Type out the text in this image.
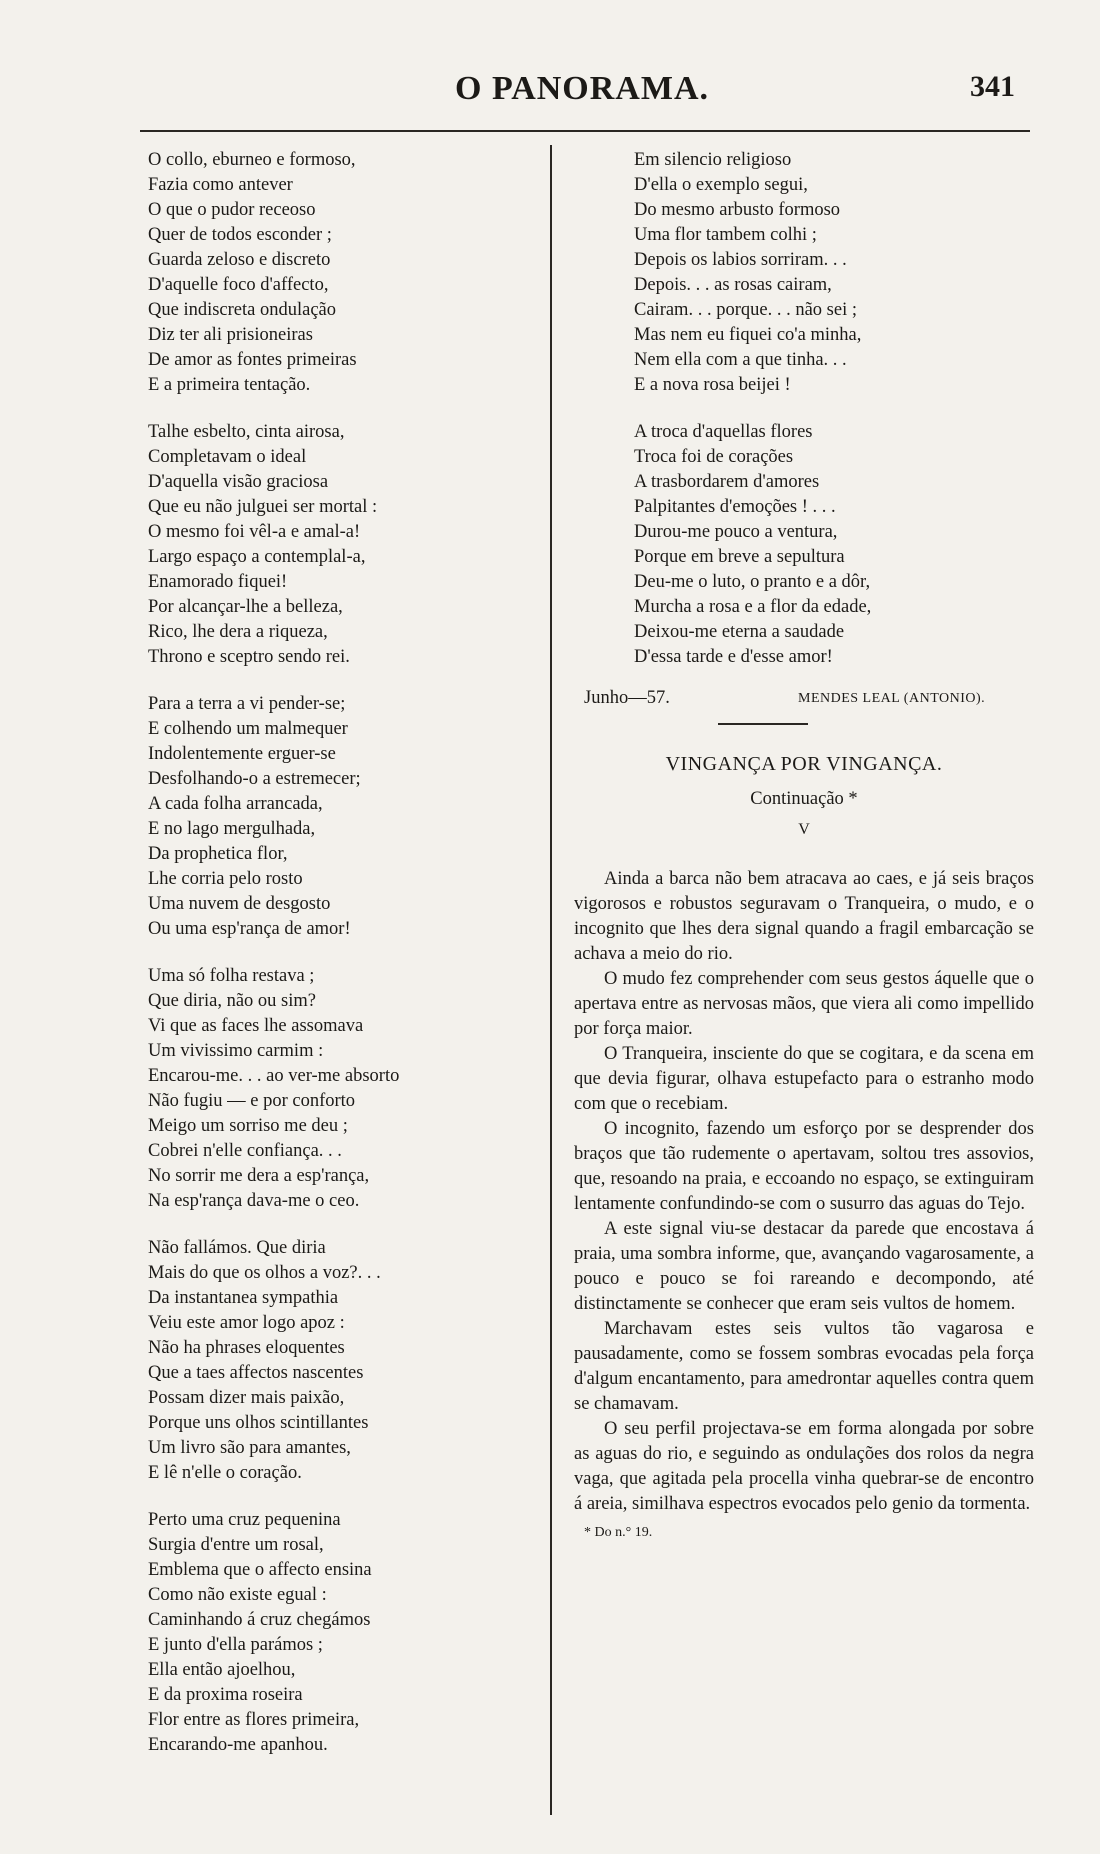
O PANORAMA.	341
O collo, eburneo e formoso,
Fazia como antever
O que o pudor receoso
Quer de todos esconder ;
Guarda zeloso e discreto
D'aquelle foco d'affecto,
Que indiscreta ondulação
Diz ter ali prisioneiras
De amor as fontes primeiras
E a primeira tentação.
Talhe esbelto, cinta airosa,
Completavam o ideal
D'aquella visão graciosa
Que eu não julguei ser mortal :
O mesmo foi vêl-a e amal-a!
Largo espaço a contemplal-a,
Enamorado fiquei!
Por alcançar-lhe a belleza,
Rico, lhe dera a riqueza,
Throno e sceptro sendo rei.
Para a terra a vi pender-se;
E colhendo um malmequer
Indolentemente erguer-se
Desfolhando-o a estremecer;
A cada folha arrancada,
E no lago mergulhada,
Da prophetica flor,
Lhe corria pelo rosto
Uma nuvem de desgosto
Ou uma esp'rança de amor!
Uma só folha restava ;
Que diria, não ou sim?
Vi que as faces lhe assomava
Um vivissimo carmim :
Encarou-me. . . ao ver-me absorto
Não fugiu — e por conforto
Meigo um sorriso me deu ;
Cobrei n'elle confiança. . .
No sorrir me dera a esp'rança,
Na esp'rança dava-me o ceo.
Não fallámos. Que diria
Mais do que os olhos a voz?. . .
Da instantanea sympathia
Veiu este amor logo apoz :
Não ha phrases eloquentes
Que a taes affectos nascentes
Possam dizer mais paixão,
Porque uns olhos scintillantes
Um livro são para amantes,
E lê n'elle o coração.
Perto uma cruz pequenina
Surgia d'entre um rosal,
Emblema que o affecto ensina
Como não existe egual :
Caminhando á cruz chegámos
E junto d'ella parámos ;
Ella então ajoelhou,
E da proxima roseira
Flor entre as flores primeira,
Encarando-me apanhou.
Em silencio religioso
D'ella o exemplo segui,
Do mesmo arbusto formoso
Uma flor tambem colhi ;
Depois os labios sorriram. . .
Depois. . . as rosas cairam,
Cairam. . . porque. . . não sei ;
Mas nem eu fiquei co'a minha,
Nem ella com a que tinha. . .
E a nova rosa beijei !
A troca d'aquellas flores
Troca foi de corações
A trasbordarem d'amores
Palpitantes d'emoções ! . . .
Durou-me pouco a ventura,
Porque em breve a sepultura
Deu-me o luto, o pranto e a dôr,
Murcha a rosa e a flor da edade,
Deixou-me eterna a saudade
D'essa tarde e d'esse amor!
Junho—57.	MENDES LEAL (ANTONIO).
VINGANÇA POR VINGANÇA.
Continuação *
V

Ainda a barca não bem atracava ao caes, e já seis braços vigorosos e robustos seguravam o Tranqueira, o mudo, e o incognito que lhes dera signal quando a fragil embarcação se achava a meio do rio.

O mudo fez comprehender com seus gestos áquelle que o apertava entre as nervosas mãos, que viera ali como impellido por força maior.

O Tranqueira, insciente do que se cogitara, e da scena em que devia figurar, olhava estupefacto para o estranho modo com que o recebiam.

O incognito, fazendo um esforço por se desprender dos braços que tão rudemente o apertavam, soltou tres assovios, que, resoando na praia, e eccoando no espaço, se extinguiram lentamente confundindo-se com o susurro das aguas do Tejo.

A este signal viu-se destacar da parede que encostava á praia, uma sombra informe, que, avançando vagarosamente, a pouco e pouco se foi rareando e decompondo, até distinctamente se conhecer que eram seis vultos de homem.

Marchavam estes seis vultos tão vagarosa e pausadamente, como se fossem sombras evocadas pela força d'algum encantamento, para amedrontar aquelles contra quem se chamavam.

O seu perfil projectava-se em forma alongada por sobre as aguas do rio, e seguindo as ondulações dos rolos da negra vaga, que agitada pela procella vinha quebrar-se de encontro á areia, similhava espectros evocados pelo genio da tormenta.

* Do n.° 19.
